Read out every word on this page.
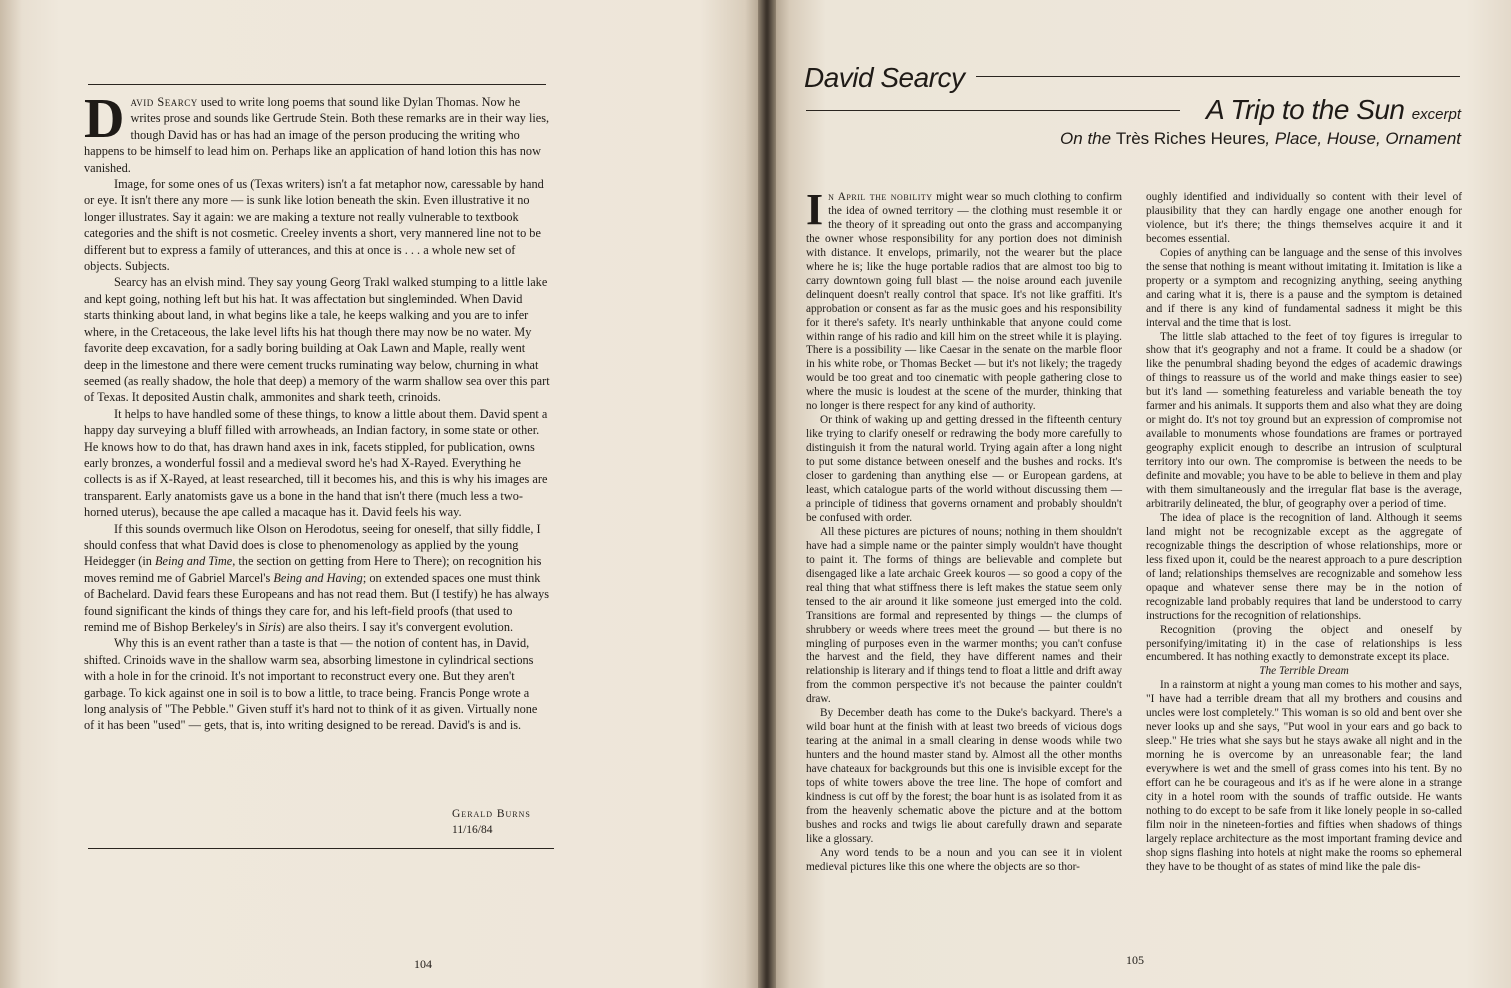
David Searcy used to write long poems that sound like Dylan Thomas. Now he writes prose and sounds like Gertrude Stein. Both these remarks are in their way lies, though David has or has had an image of the person producing the writing who happens to be himself to lead him on. Perhaps like an application of hand lotion this has now vanished.

Image, for some ones of us (Texas writers) isn't a fat metaphor now, caressable by hand or eye. It isn't there any more — is sunk like lotion beneath the skin. Even illustrative it no longer illustrates. Say it again: we are making a texture not really vulnerable to textbook categories and the shift is not cosmetic. Creeley invents a short, very mannered line not to be different but to express a family of utterances, and this at once is . . . a whole new set of objects. Subjects.

Searcy has an elvish mind. They say young Georg Trakl walked stumping to a little lake and kept going, nothing left but his hat. It was affectation but singleminded. When David starts thinking about land, in what begins like a tale, he keeps walking and you are to infer where, in the Cretaceous, the lake level lifts his hat though there may now be no water. My favorite deep excavation, for a sadly boring building at Oak Lawn and Maple, really went deep in the limestone and there were cement trucks ruminating way below, churning in what seemed (as really shadow, the hole that deep) a memory of the warm shallow sea over this part of Texas. It deposited Austin chalk, ammonites and shark teeth, crinoids.

It helps to have handled some of these things, to know a little about them. David spent a happy day surveying a bluff filled with arrowheads, an Indian factory, in some state or other. He knows how to do that, has drawn hand axes in ink, facets stippled, for publication, owns early bronzes, a wonderful fossil and a medieval sword he's had X-Rayed. Everything he collects is as if X-Rayed, at least researched, till it becomes his, and this is why his images are transparent. Early anatomists gave us a bone in the hand that isn't there (much less a two-horned uterus), because the ape called a macaque has it. David feels his way.

If this sounds overmuch like Olson on Herodotus, seeing for oneself, that silly fiddle, I should confess that what David does is close to phenomenology as applied by the young Heidegger (in Being and Time, the section on getting from Here to There); on recognition his moves remind me of Gabriel Marcel's Being and Having; on extended spaces one must think of Bachelard. David fears these Europeans and has not read them. But (I testify) he has always found significant the kinds of things they care for, and his left-field proofs (that used to remind me of Bishop Berkeley's in Siris) are also theirs. I say it's convergent evolution.

Why this is an event rather than a taste is that — the notion of content has, in David, shifted. Crinoids wave in the shallow warm sea, absorbing limestone in cylindrical sections with a hole in for the crinoid. It's not important to reconstruct every one. But they aren't garbage. To kick against one in soil is to bow a little, to trace being. Francis Ponge wrote a long analysis of "The Pebble." Given stuff it's hard not to think of it as given. Virtually none of it has been "used" — gets, that is, into writing designed to be reread. David's is and is.

Gerald Burns
11/16/84
104
David Searcy
A Trip to the Sun excerpt
On the Très Riches Heures, Place, House, Ornament

In April the nobility might wear so much clothing to confirm the idea of owned territory — the clothing must resemble it or the theory of it spreading out onto the grass and accompanying the owner whose responsibility for any portion does not diminish with distance. It envelops, primarily, not the wearer but the place where he is; like the huge portable radios that are almost too big to carry downtown going full blast — the noise around each juvenile delinquent doesn't really control that space. It's not like graffiti. It's approbation or consent as far as the music goes and his responsibility for it there's safety. It's nearly unthinkable that anyone could come within range of his radio and kill him on the street while it is playing. There is a possibility — like Caesar in the senate on the marble floor in his white robe, or Thomas Becket — but it's not likely; the tragedy would be too great and too cinematic with people gathering close to where the music is loudest at the scene of the murder, thinking that no longer is there respect for any kind of authority.

Or think of waking up and getting dressed in the fifteenth century like trying to clarify oneself or redrawing the body more carefully to distinguish it from the natural world. Trying again after a long night to put some distance between oneself and the bushes and rocks. It's closer to gardening than anything else — or European gardens, at least, which catalogue parts of the world without discussing them — a principle of tidiness that governs ornament and probably shouldn't be confused with order.

All these pictures are pictures of nouns; nothing in them shouldn't have had a simple name or the painter simply wouldn't have thought to paint it. The forms of things are believable and complete but disengaged like a late archaic Greek kouros — so good a copy of the real thing that what stiffness there is left makes the statue seem only tensed to the air around it like someone just emerged into the cold. Transitions are formal and represented by things — the clumps of shrubbery or weeds where trees meet the ground — but there is no mingling of purposes even in the warmer months; you can't confuse the harvest and the field, they have different names and their relationship is literary and if things tend to float a little and drift away from the common perspective it's not because the painter couldn't draw.

By December death has come to the Duke's backyard. There's a wild boar hunt at the finish with at least two breeds of vicious dogs tearing at the animal in a small clearing in dense woods while two hunters and the hound master stand by. Almost all the other months have chateaux for backgrounds but this one is invisible except for the tops of white towers above the tree line. The hope of comfort and kindness is cut off by the forest; the boar hunt is as isolated from it as from the heavenly schematic above the picture and at the bottom bushes and rocks and twigs lie about carefully drawn and separate like a glossary.

Any word tends to be a noun and you can see it in violent medieval pictures like this one where the objects are so thor-

oughly identified and individually so content with their level of plausibility that they can hardly engage one another enough for violence, but it's there; the things themselves acquire it and it becomes essential.

Copies of anything can be language and the sense of this involves the sense that nothing is meant without imitating it. Imitation is like a property or a symptom and recognizing anything, seeing anything and caring what it is, there is a pause and the symptom is detained and if there is any kind of fundamental sadness it might be this interval and the time that is lost.

The little slab attached to the feet of toy figures is irregular to show that it's geography and not a frame. It could be a shadow (or like the penumbral shading beyond the edges of academic drawings of things to reassure us of the world and make things easier to see) but it's land — something featureless and variable beneath the toy farmer and his animals. It supports them and also what they are doing or might do. It's not toy ground but an expression of compromise not available to monuments whose foundations are frames or portrayed geography explicit enough to describe an intrusion of sculptural territory into our own. The compromise is between the needs to be definite and movable; you have to be able to believe in them and play with them simultaneously and the irregular flat base is the average, arbitrarily delineated, the blur, of geography over a period of time.

The idea of place is the recognition of land. Although it seems land might not be recognizable except as the aggregate of recognizable things the description of whose relationships, more or less fixed upon it, could be the nearest approach to a pure description of land; relationships themselves are recognizable and somehow less opaque and whatever sense there may be in the notion of recognizable land probably requires that land be understood to carry instructions for the recognition of relationships.

Recognition (proving the object and oneself by personifying/imitating it) in the case of relationships is less encumbered. It has nothing exactly to demonstrate except its place.

The Terrible Dream

In a rainstorm at night a young man comes to his mother and says, "I have had a terrible dream that all my brothers and cousins and uncles were lost completely." This woman is so old and bent over she never looks up and she says, "Put wool in your ears and go back to sleep." He tries what she says but he stays awake all night and in the morning he is overcome by an unreasonable fear; the land everywhere is wet and the smell of grass comes into his tent. By no effort can he be courageous and it's as if he were alone in a strange city in a hotel room with the sounds of traffic outside. He wants nothing to do except to be safe from it like lonely people in so-called film noir in the nineteen-forties and fifties when shadows of things largely replace architecture as the most important framing device and shop signs flashing into hotels at night make the rooms so ephemeral they have to be thought of as states of mind like the pale dis-

105
